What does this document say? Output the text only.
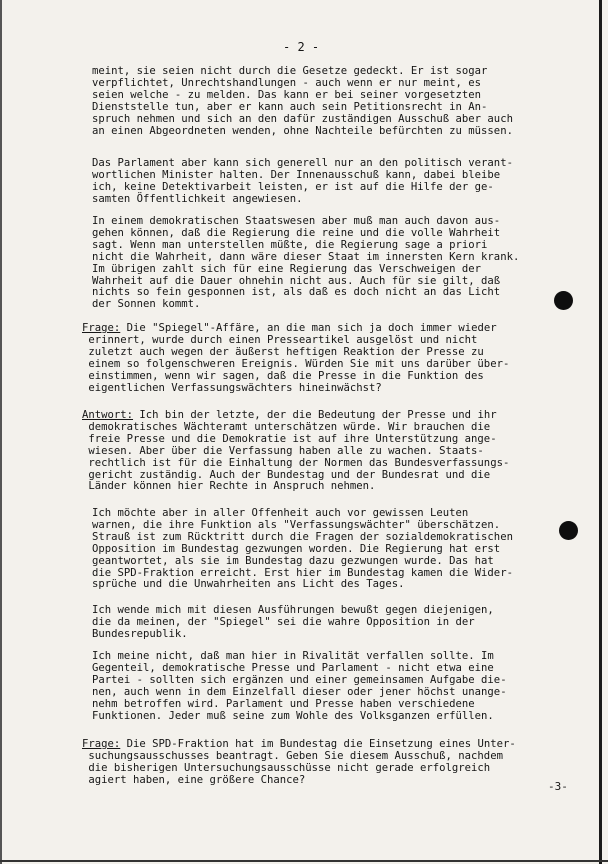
- 2 -
meint, sie seien nicht durch die Gesetze gedeckt. Er ist sogar
verpflichtet, Unrechtshandlungen - auch wenn er nur meint, es
seien welche - zu melden. Das kann er bei seiner vorgesetzten
Dienststelle tun, aber er kann auch sein Petitionsrecht in An-
spruch nehmen und sich an den dafür zuständigen Ausschuß aber auch
an einen Abgeordneten wenden, ohne Nachteile befürchten zu müssen.
Das Parlament aber kann sich generell nur an den politisch verant-
wortlichen Minister halten. Der Innenausschuß kann, dabei bleibe
ich, keine Detektivarbeit leisten, er ist auf die Hilfe der ge-
samten Öffentlichkeit angewiesen.
In einem demokratischen Staatswesen aber muß man auch davon aus-
gehen können, daß die Regierung die reine und die volle Wahrheit
sagt. Wenn man unterstellen müßte, die Regierung sage a priori
nicht die Wahrheit, dann wäre dieser Staat im innersten Kern krank.
Im übrigen zahlt sich für eine Regierung das Verschweigen der
Wahrheit auf die Dauer ohnehin nicht aus. Auch für sie gilt, daß
nichts so fein gesponnen ist, als daß es doch nicht an das Licht
der Sonnen kommt.
Frage: Die "Spiegel"-Affäre, an die man sich ja doch immer wieder
erinnert, wurde durch einen Presseartikel ausgelöst und nicht
zuletzt auch wegen der äußerst heftigen Reaktion der Presse zu
einem so folgenschweren Ereignis. Würden Sie mit uns darüber über-
einstimmen, wenn wir sagen, daß die Presse in die Funktion des
eigentlichen Verfassungswächters hineinwächst?
Antwort: Ich bin der letzte, der die Bedeutung der Presse und ihr
demokratisches Wächteramt unterschätzen würde. Wir brauchen die
freie Presse und die Demokratie ist auf ihre Unterstützung ange-
wiesen. Aber über die Verfassung haben alle zu wachen. Staats-
rechtlich ist für die Einhaltung der Normen das Bundesverfassungs-
gericht zuständig. Auch der Bundestag und der Bundesrat und die
Länder können hier Rechte in Anspruch nehmen.
Ich möchte aber in aller Offenheit auch vor gewissen Leuten
warnen, die ihre Funktion als "Verfassungswächter" überschätzen.
Strauß ist zum Rücktritt durch die Fragen der sozialdemokratischen
Opposition im Bundestag gezwungen worden. Die Regierung hat erst
geantwortet, als sie im Bundestag dazu gezwungen wurde. Das hat
die SPD-Fraktion erreicht. Erst hier im Bundestag kamen die Wider-
sprüche und die Unwahrheiten ans Licht des Tages.
Ich wende mich mit diesen Ausführungen bewußt gegen diejenigen,
die da meinen, der "Spiegel" sei die wahre Opposition in der
Bundesrepublik.
Ich meine nicht, daß man hier in Rivalität verfallen sollte. Im
Gegenteil, demokratische Presse und Parlament - nicht etwa eine
Partei - sollten sich ergänzen und einer gemeinsamen Aufgabe die-
nen, auch wenn in dem Einzelfall dieser oder jener höchst unange-
nehm betroffen wird. Parlament und Presse haben verschiedene
Funktionen. Jeder muß seine zum Wohle des Volksganzen erfüllen.
Frage: Die SPD-Fraktion hat im Bundestag die Einsetzung eines Unter-
suchungsausschusses beantragt. Geben Sie diesem Ausschuß, nachdem
die bisherigen Untersuchungsausschüsse nicht gerade erfolgreich
agiert haben, eine größere Chance?
-3-
